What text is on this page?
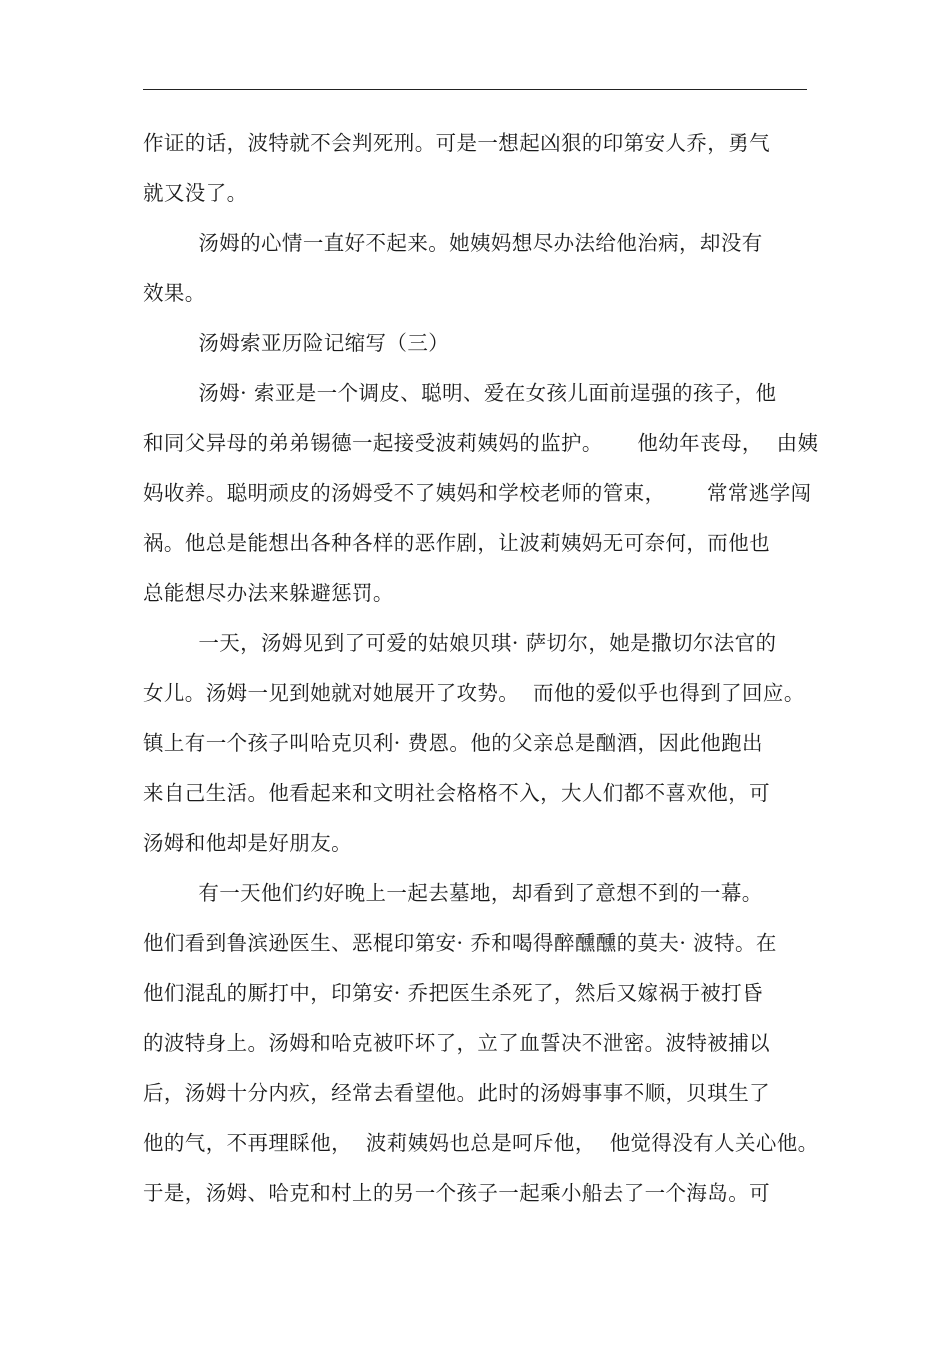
作证的话，波特就不会判死刑。可是一想起凶狠的印第安人乔，勇气
就又没了。
汤姆的心情一直好不起来。她姨妈想尽办法给他治病，却没有
效果。
汤姆索亚历险记缩写（三）
汤姆· 索亚是一个调皮、聪明、爱在女孩儿面前逞强的孩子，他
和同父异母的弟弟锡德一起接受波莉姨妈的监护。     他幼年丧母，  由姨
妈收养。聪明顽皮的汤姆受不了姨妈和学校老师的管束，      常常逃学闯
祸。他总是能想出各种各样的恶作剧，让波莉姨妈无可奈何，而他也
总能想尽办法来躲避惩罚。
一天，汤姆见到了可爱的姑娘贝琪· 萨切尔，她是撒切尔法官的
女儿。汤姆一见到她就对她展开了攻势。  而他的爱似乎也得到了回应。
镇上有一个孩子叫哈克贝利· 费恩。他的父亲总是酗酒，因此他跑出
来自己生活。他看起来和文明社会格格不入，大人们都不喜欢他，可
汤姆和他却是好朋友。
有一天他们约好晚上一起去墓地，却看到了意想不到的一幕。
他们看到鲁滨逊医生、恶棍印第安· 乔和喝得醉醺醺的莫夫· 波特。在
他们混乱的厮打中，印第安· 乔把医生杀死了，然后又嫁祸于被打昏
的波特身上。汤姆和哈克被吓坏了，立了血誓决不泄密。波特被捕以
后，汤姆十分内疚，经常去看望他。此时的汤姆事事不顺，贝琪生了
他的气，不再理睬他，  波莉姨妈也总是呵斥他，  他觉得没有人关心他。
于是，汤姆、哈克和村上的另一个孩子一起乘小船去了一个海岛。可
